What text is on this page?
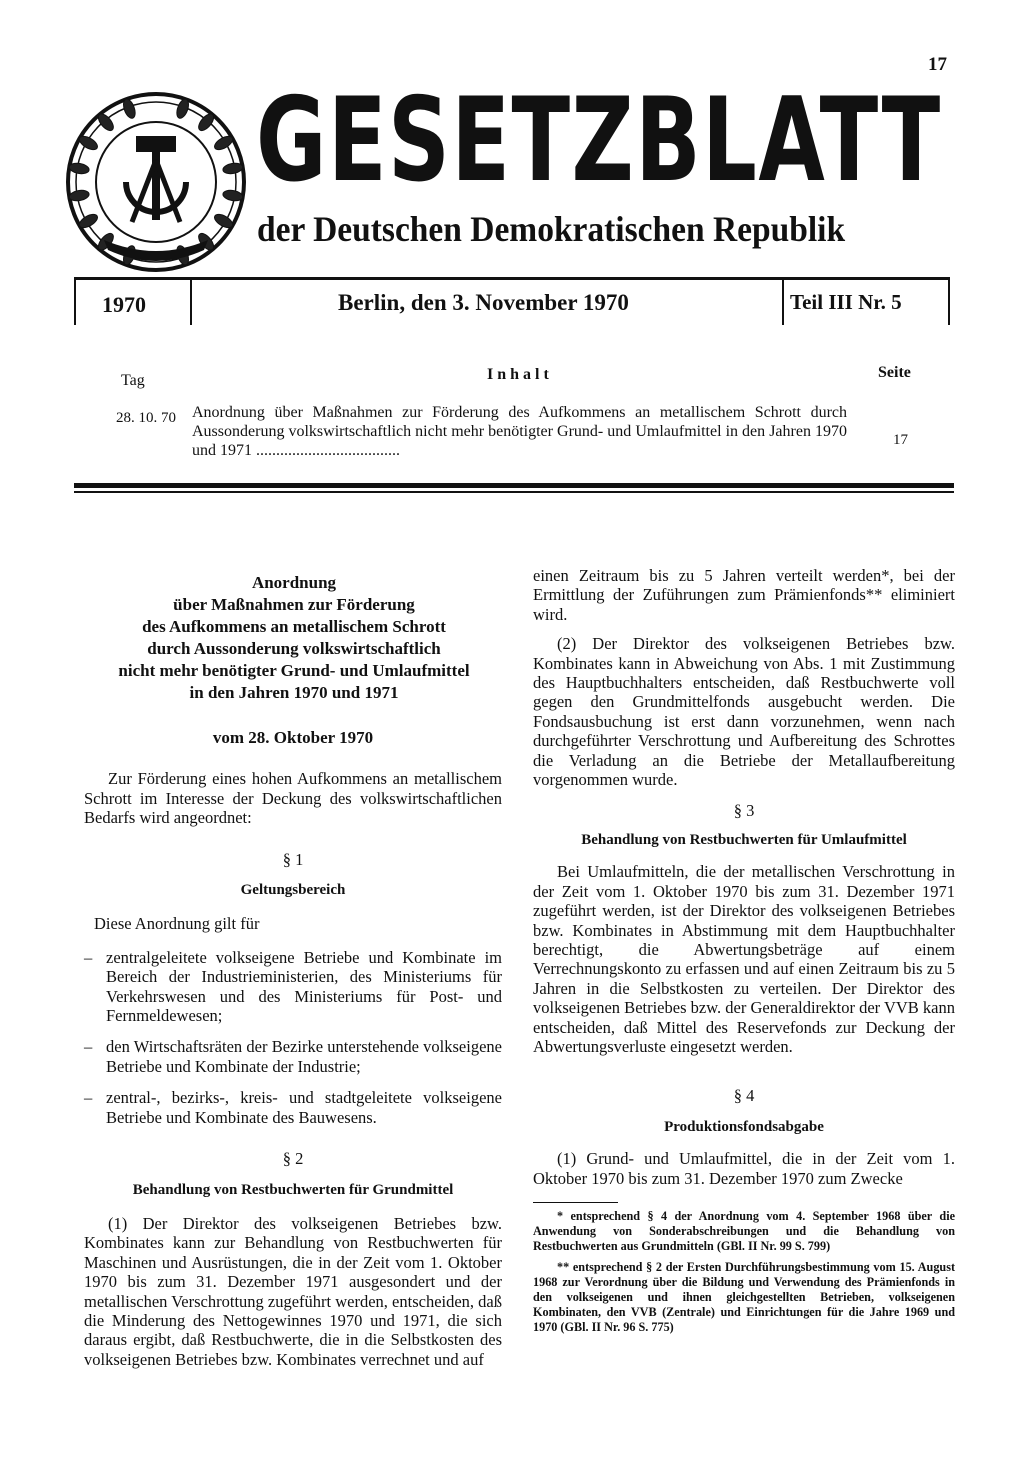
17
GESETZBLATT
der Deutschen Demokratischen Republik
1970	Berlin, den 3. November 1970	Teil III Nr. 5
Tag	Inhalt	Seite
28. 10. 70 Anordnung über Maßnahmen zur Förderung des Aufkommens an metallischem Schrott durch Aussonderung volkswirtschaftlich nicht mehr benötigter Grund- und Umlaufmittel in den Jahren 1970 und 1971 ....................................
17
Anordnung
über Maßnahmen zur Förderung
des Aufkommens an metallischem Schrott
durch Aussonderung volkswirtschaftlich
nicht mehr benötigter Grund- und Umlaufmittel
in den Jahren 1970 und 1971
vom 28. Oktober 1970

Zur Förderung eines hohen Aufkommens an metallischem Schrott im Interesse der Deckung des volkswirtschaftlichen Bedarfs wird angeordnet:

§ 1
Geltungsbereich

Diese Anordnung gilt für

– zentralgeleitete volkseigene Betriebe und Kombinate im Bereich der Industrieministerien, des Ministeriums für Verkehrswesen und des Ministeriums für Post- und Fernmeldewesen;
– den Wirtschaftsräten der Bezirke unterstehende volkseigene Betriebe und Kombinate der Industrie;
– zentral-, bezirks-, kreis- und stadtgeleitete volkseigene Betriebe und Kombinate des Bauwesens.
§ 2
Behandlung von Restbuchwerten für Grundmittel

(1) Der Direktor des volkseigenen Betriebes bzw. Kombinates kann zur Behandlung von Restbuchwerten für Maschinen und Ausrüstungen, die in der Zeit vom 1. Oktober 1970 bis zum 31. Dezember 1971 ausgesondert und der metallischen Verschrottung zugeführt werden, entscheiden, daß die Minderung des Nettogewinnes 1970 und 1971, die sich daraus ergibt, daß Restbuchwerte, die in die Selbstkosten des volkseigenen Betriebes bzw. Kombinates verrechnet und auf

einen Zeitraum bis zu 5 Jahren verteilt werden*, bei der Ermittlung der Zuführungen zum Prämienfonds** eliminiert wird.

(2) Der Direktor des volkseigenen Betriebes bzw. Kombinates kann in Abweichung von Abs. 1 mit Zustimmung des Hauptbuchhalters entscheiden, daß Restbuchwerte voll gegen den Grundmittelfonds ausgebucht werden. Die Fondsausbuchung ist erst dann vorzunehmen, wenn nach durchgeführter Verschrottung und Aufbereitung des Schrottes die Verladung an die Betriebe der Metallaufbereitung vorgenommen wurde.

§ 3
Behandlung von Restbuchwerten für Umlaufmittel

Bei Umlaufmitteln, die der metallischen Verschrottung in der Zeit vom 1. Oktober 1970 bis zum 31. Dezember 1971 zugeführt werden, ist der Direktor des volkseigenen Betriebes bzw. Kombinates in Abstimmung mit dem Hauptbuchhalter berechtigt, die Abwertungsbeträge auf einem Verrechnungskonto zu erfassen und auf einen Zeitraum bis zu 5 Jahren in die Selbstkosten zu verteilen. Der Direktor des volkseigenen Betriebes bzw. der Generaldirektor der VVB kann entscheiden, daß Mittel des Reservefonds zur Deckung der Abwertungsverluste eingesetzt werden.

§ 4
Produktionsfondsabgabe

(1) Grund- und Umlaufmittel, die in der Zeit vom 1. Oktober 1970 bis zum 31. Dezember 1970 zum Zwecke

* entsprechend § 4 der Anordnung vom 4. September 1968 über die Anwendung von Sonderabschreibungen und die Behandlung von Restbuchwerten aus Grundmitteln (GBl. II Nr. 99 S. 799)

** entsprechend § 2 der Ersten Durchführungsbestimmung vom 15. August 1968 zur Verordnung über die Bildung und Verwendung des Prämienfonds in den volkseigenen und ihnen gleichgestellten Betrieben, volkseigenen Kombinaten, den VVB (Zentrale) und Einrichtungen für die Jahre 1969 und 1970 (GBl. II Nr. 96 S. 775)
